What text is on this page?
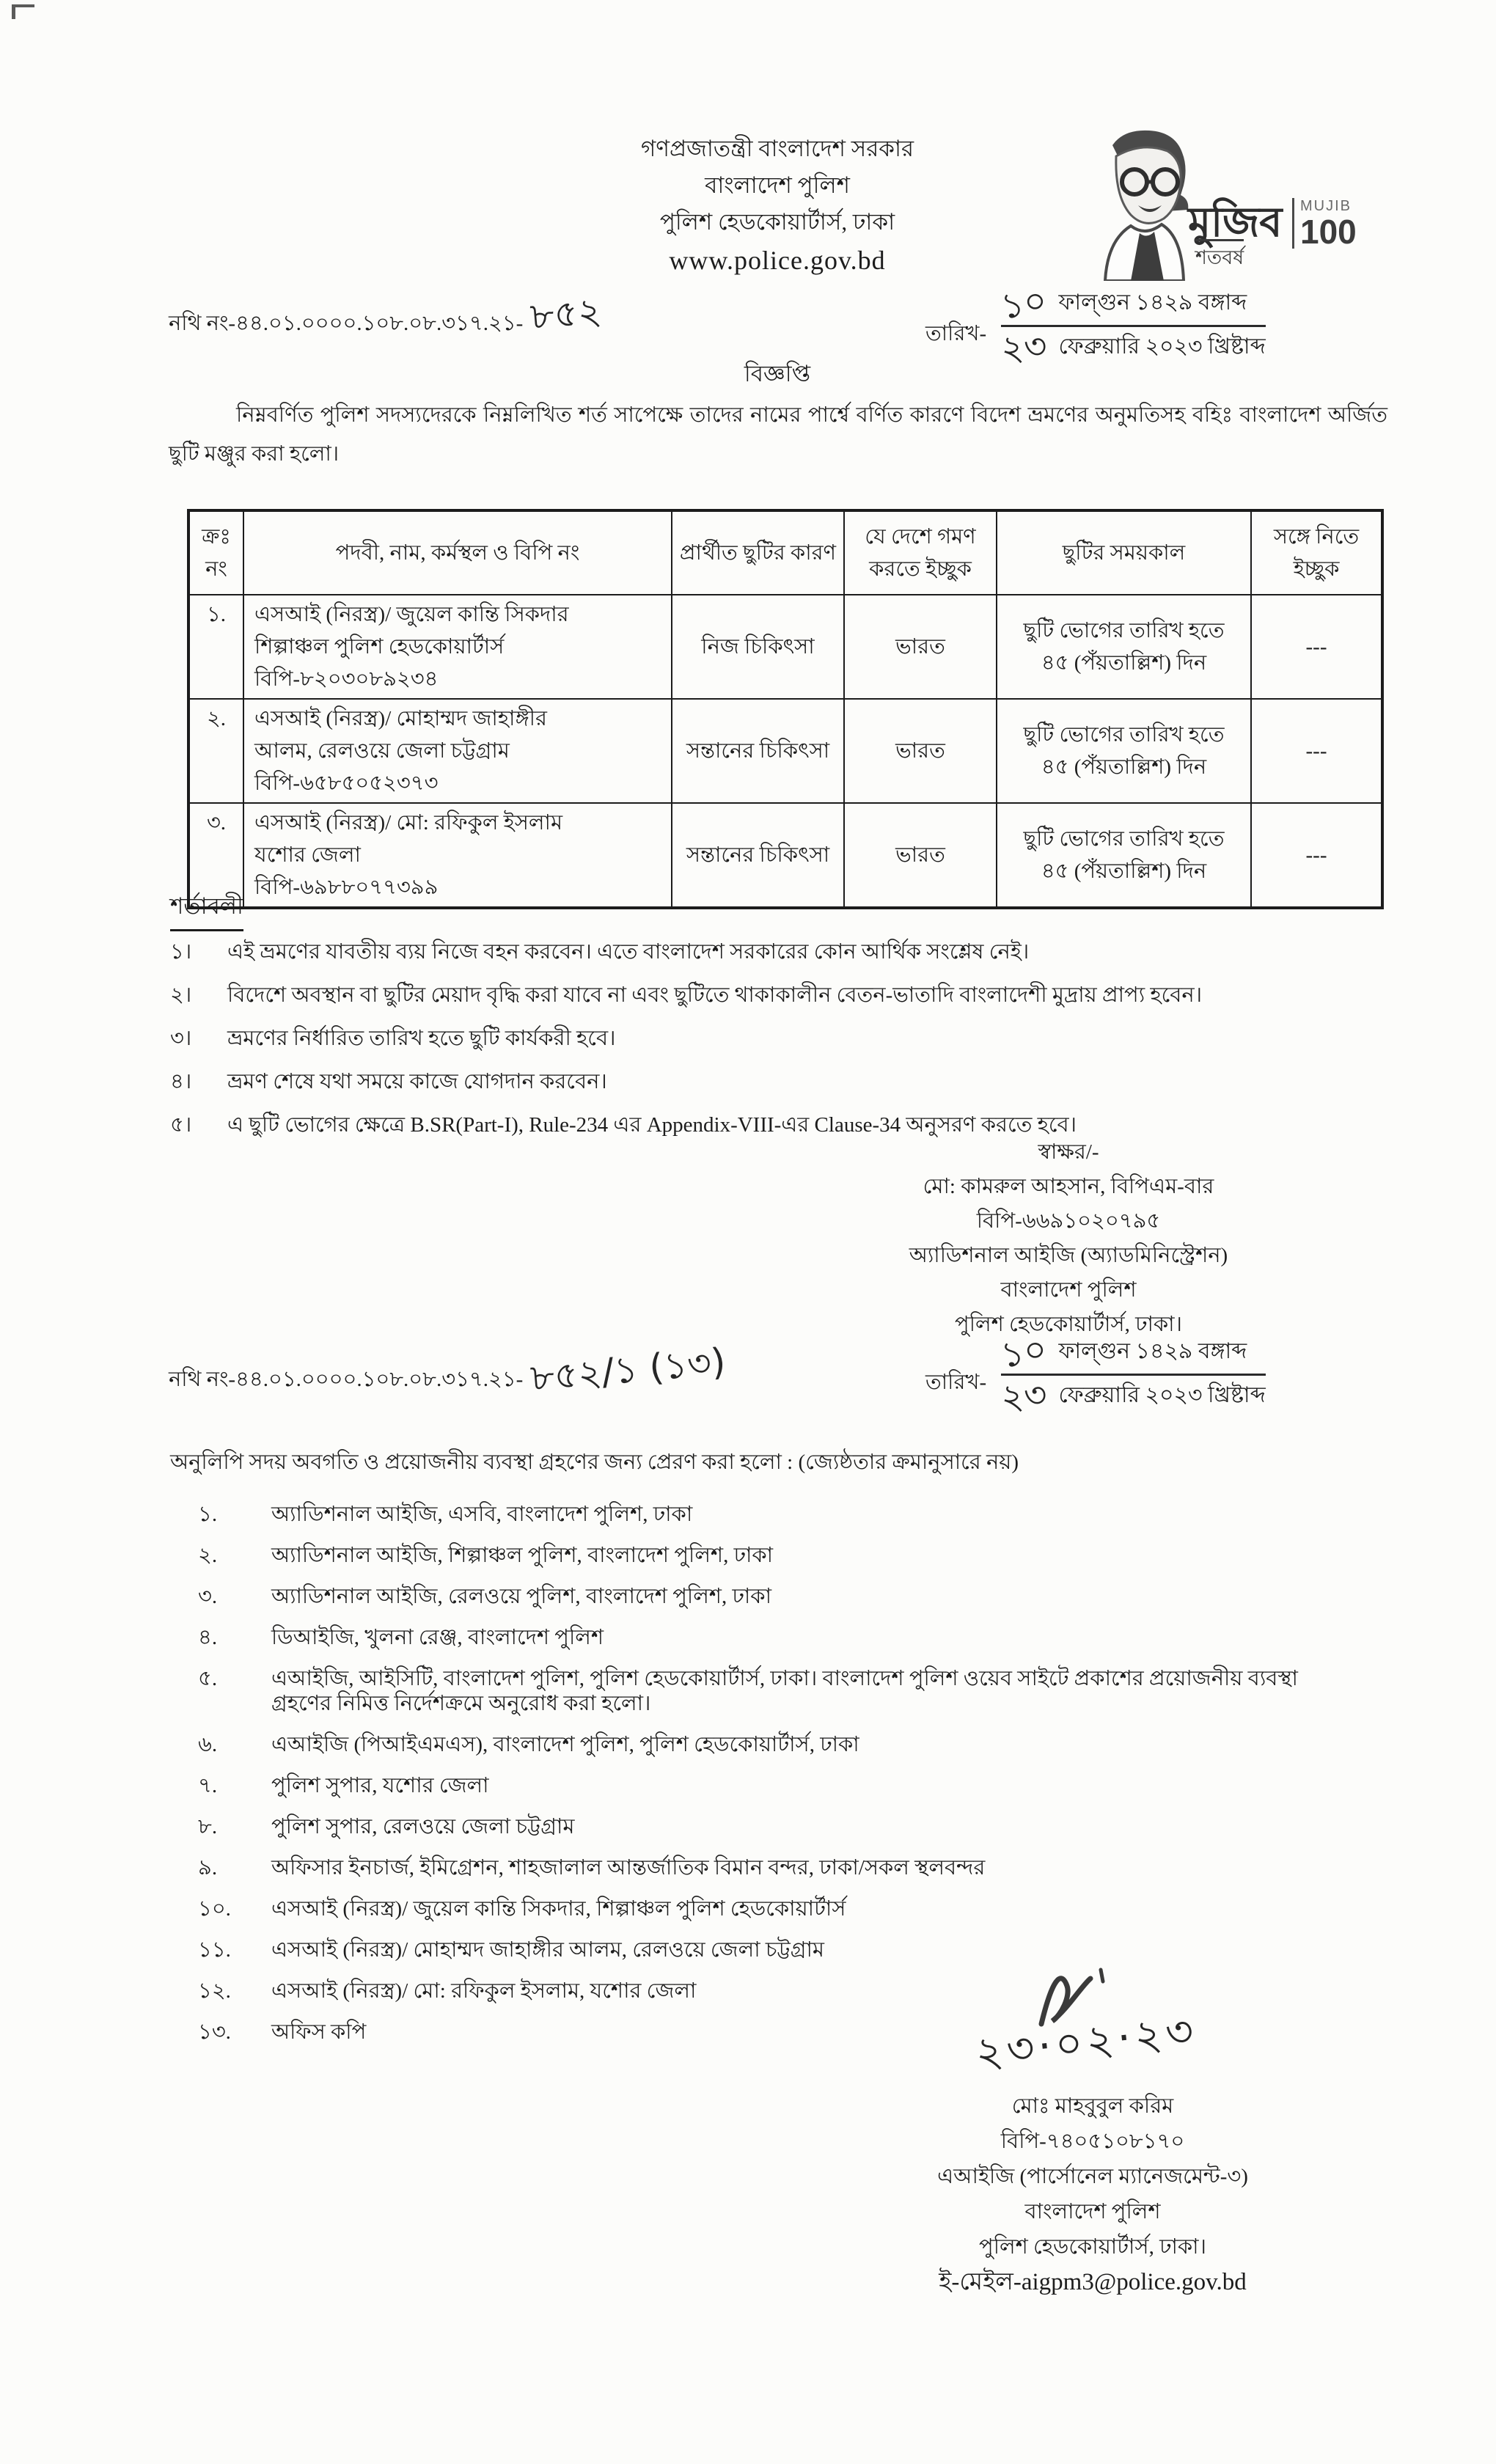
গণপ্রজাতন্ত্রী বাংলাদেশ সরকার
বাংলাদেশ পুলিশ
পুলিশ হেডকোয়ার্টার্স, ঢাকা
www.police.gov.bd
মুজিব
শতবর্ষ
MUJIB
100
নথি নং-৪৪.০১.০০০০.১০৮.০৮.৩১৭.২১- ৮৫২	তারিখ- $\frac{\text{১০ ফাল্গুন ১৪২৯ বঙ্গাব্দ}}{\text{২৩ ফেব্রুয়ারি ২০২৩ খ্রিষ্টাব্দ}}$
বিজ্ঞপ্তি
নিম্নবর্ণিত পুলিশ সদস্যদেরকে নিম্নলিখিত শর্ত সাপেক্ষে তাদের নামের পার্শ্বে বর্ণিত কারণে বিদেশ ভ্রমণের অনুমতিসহ বহিঃ বাংলাদেশ অর্জিত ছুটি মঞ্জুর করা হলো।
ক্রঃ নং	পদবী, নাম, কর্মস্থল ও বিপি নং	প্রার্থীত ছুটির কারণ	যে দেশে গমণ করতে ইচ্ছুক	ছুটির সময়কাল	সঙ্গে নিতে ইচ্ছুক
১.	এসআই (নিরস্ত্র)/ জুয়েল কান্তি সিকদার
শিল্পাঞ্চল পুলিশ হেডকোয়ার্টার্স
বিপি-৮২০৩০৮৯২৩৪	নিজ চিকিৎসা	ভারত	ছুটি ভোগের তারিখ হতে
৪৫ (পঁয়তাল্লিশ) দিন	---
২.	এসআই (নিরস্ত্র)/ মোহাম্মদ জাহাঙ্গীর
আলম, রেলওয়ে জেলা চট্টগ্রাম
বিপি-৬৫৮৫০৫২৩৭৩	সন্তানের চিকিৎসা	ভারত	ছুটি ভোগের তারিখ হতে
৪৫ (পঁয়তাল্লিশ) দিন	---
৩.	এসআই (নিরস্ত্র)/ মো: রফিকুল ইসলাম
যশোর জেলা
বিপি-৬৯৮৮০৭৭৩৯৯	সন্তানের চিকিৎসা	ভারত	ছুটি ভোগের তারিখ হতে
৪৫ (পঁয়তাল্লিশ) দিন	---
শর্তাবলী
১।	এই ভ্রমণের যাবতীয় ব্যয় নিজে বহন করবেন। এতে বাংলাদেশ সরকারের কোন আর্থিক সংশ্লেষ নেই।
২।	বিদেশে অবস্থান বা ছুটির মেয়াদ বৃদ্ধি করা যাবে না এবং ছুটিতে থাকাকালীন বেতন-ভাতাদি বাংলাদেশী মুদ্রায় প্রাপ্য হবেন।
৩।	ভ্রমণের নির্ধারিত তারিখ হতে ছুটি কার্যকরী হবে।
৪।	ভ্রমণ শেষে যথা সময়ে কাজে যোগদান করবেন।
৫।	এ ছুটি ভোগের ক্ষেত্রে B.SR(Part-I), Rule-234 এর Appendix-VIII-এর Clause-34 অনুসরণ করতে হবে।
স্বাক্ষর/-
মো: কামরুল আহসান, বিপিএম-বার
বিপি-৬৬৯১০২০৭৯৫
অ্যাডিশনাল আইজি (অ্যাডমিনিস্ট্রেশন)
বাংলাদেশ পুলিশ
পুলিশ হেডকোয়ার্টার্স, ঢাকা।
নথি নং-৪৪.০১.০০০০.১০৮.০৮.৩১৭.২১- ৮৫২/১ (১৩)	তারিখ- $\frac{\text{১০ ফাল্গুন ১৪২৯ বঙ্গাব্দ}}{\text{২৩ ফেব্রুয়ারি ২০২৩ খ্রিষ্টাব্দ}}$
অনুলিপি সদয় অবগতি ও প্রয়োজনীয় ব্যবস্থা গ্রহণের জন্য প্রেরণ করা হলো : (জ্যেষ্ঠতার ক্রমানুসারে নয়)
১.	অ্যাডিশনাল আইজি, এসবি, বাংলাদেশ পুলিশ, ঢাকা
২.	অ্যাডিশনাল আইজি, শিল্পাঞ্চল পুলিশ, বাংলাদেশ পুলিশ, ঢাকা
৩.	অ্যাডিশনাল আইজি, রেলওয়ে পুলিশ, বাংলাদেশ পুলিশ, ঢাকা
৪.	ডিআইজি, খুলনা রেঞ্জ, বাংলাদেশ পুলিশ
৫.	এআইজি, আইসিটি, বাংলাদেশ পুলিশ, পুলিশ হেডকোয়ার্টার্স, ঢাকা। বাংলাদেশ পুলিশ ওয়েব সাইটে প্রকাশের প্রয়োজনীয় ব্যবস্থা গ্রহণের নিমিত্ত নির্দেশক্রমে অনুরোধ করা হলো।
৬.	এআইজি (পিআইএমএস), বাংলাদেশ পুলিশ, পুলিশ হেডকোয়ার্টার্স, ঢাকা
৭.	পুলিশ সুপার, যশোর জেলা
৮.	পুলিশ সুপার, রেলওয়ে জেলা চট্টগ্রাম
৯.	অফিসার ইনচার্জ, ইমিগ্রেশন, শাহজালাল আন্তর্জাতিক বিমান বন্দর, ঢাকা/সকল স্থলবন্দর
১০.	এসআই (নিরস্ত্র)/ জুয়েল কান্তি সিকদার, শিল্পাঞ্চল পুলিশ হেডকোয়ার্টার্স
১১.	এসআই (নিরস্ত্র)/ মোহাম্মদ জাহাঙ্গীর আলম, রেলওয়ে জেলা চট্টগ্রাম
১২.	এসআই (নিরস্ত্র)/ মো: রফিকুল ইসলাম, যশোর জেলা
১৩.	অফিস কপি	২৩·০২·২৩
মোঃ মাহবুবুল করিম
বিপি-৭৪০৫১০৮১৭০
এআইজি (পার্সোনেল ম্যানেজমেন্ট-৩)
বাংলাদেশ পুলিশ
পুলিশ হেডকোয়ার্টার্স, ঢাকা।
ই-মেইল-aigpm3@police.gov.bd
